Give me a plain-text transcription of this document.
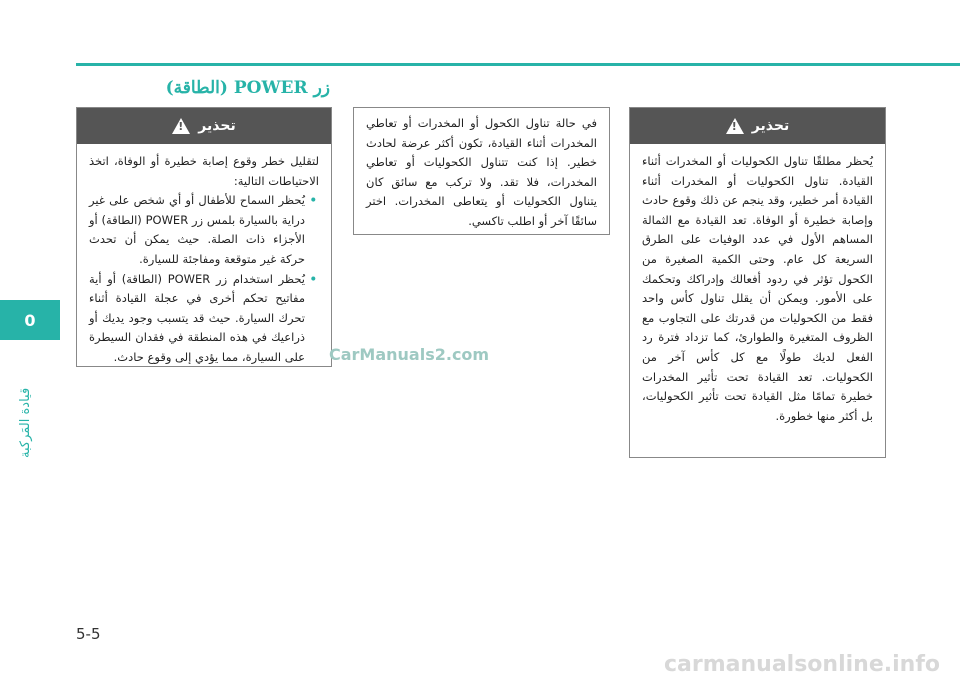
0
قيادة المَركبة
زر POWER (الطاقة)
تحذير
!
لتقليل خطر وقوع إصابة خطيرة أو الوفاة، اتخذ الاحتياطات التالية:
• يُحظر السماح للأطفال أو أي شخص على غير دراية بالسيارة بلمس زر POWER (الطاقة) أو الأجزاء ذات الصلة. حيث يمكن أن تحدث حركة غير متوقعة ومفاجئة للسيارة.
• يُحظر استخدام زر POWER (الطاقة) أو أية مفاتيح تحكم أخرى في عجلة القيادة أثناء تحرك السيارة. حيث قد يتسبب وجود يديك أو ذراعيك في هذه المنطقة في فقدان السيطرة على السيارة، مما يؤدي إلى وقوع حادث.
في حالة تناول الكحول أو المخدرات أو تعاطي المخدرات أثناء القيادة، تكون أكثر عرضة لحادث خطير. إذا كنت تتناول الكحوليات أو تعاطي المخدرات، فلا تقد. ولا تركب مع سائق كان يتناول الكحوليات أو يتعاطى المخدرات. اختر سائقًا آخر أو اطلب تاكسي.
تحذير
!
يُحظر مطلقًا تناول الكحوليات أو المخدرات أثناء القيادة. تناول الكحوليات أو المخدرات أثناء القيادة أمر خطير، وقد ينجم عن ذلك وقوع حادث وإصابة خطيرة أو الوفاة. تعد القيادة مع الثمالة المساهم الأول في عدد الوفيات على الطرق السريعة كل عام. وحتى الكمية الصغيرة من الكحول تؤثر في ردود أفعالك وإدراكك وتحكمك على الأمور. ويمكن أن يقلل تناول كأس واحد فقط من الكحوليات من قدرتك على التجاوب مع الظروف المتغيرة والطوارئ، كما تزداد فترة رد الفعل لديك طولًا مع كل كأس آخر من الكحوليات. تعد القيادة تحت تأثير المخدرات خطيرة تمامًا مثل القيادة تحت تأثير الكحوليات، بل أكثر منها خطورة.
CarManuals2.com
5-5
carmanualsonline.info
